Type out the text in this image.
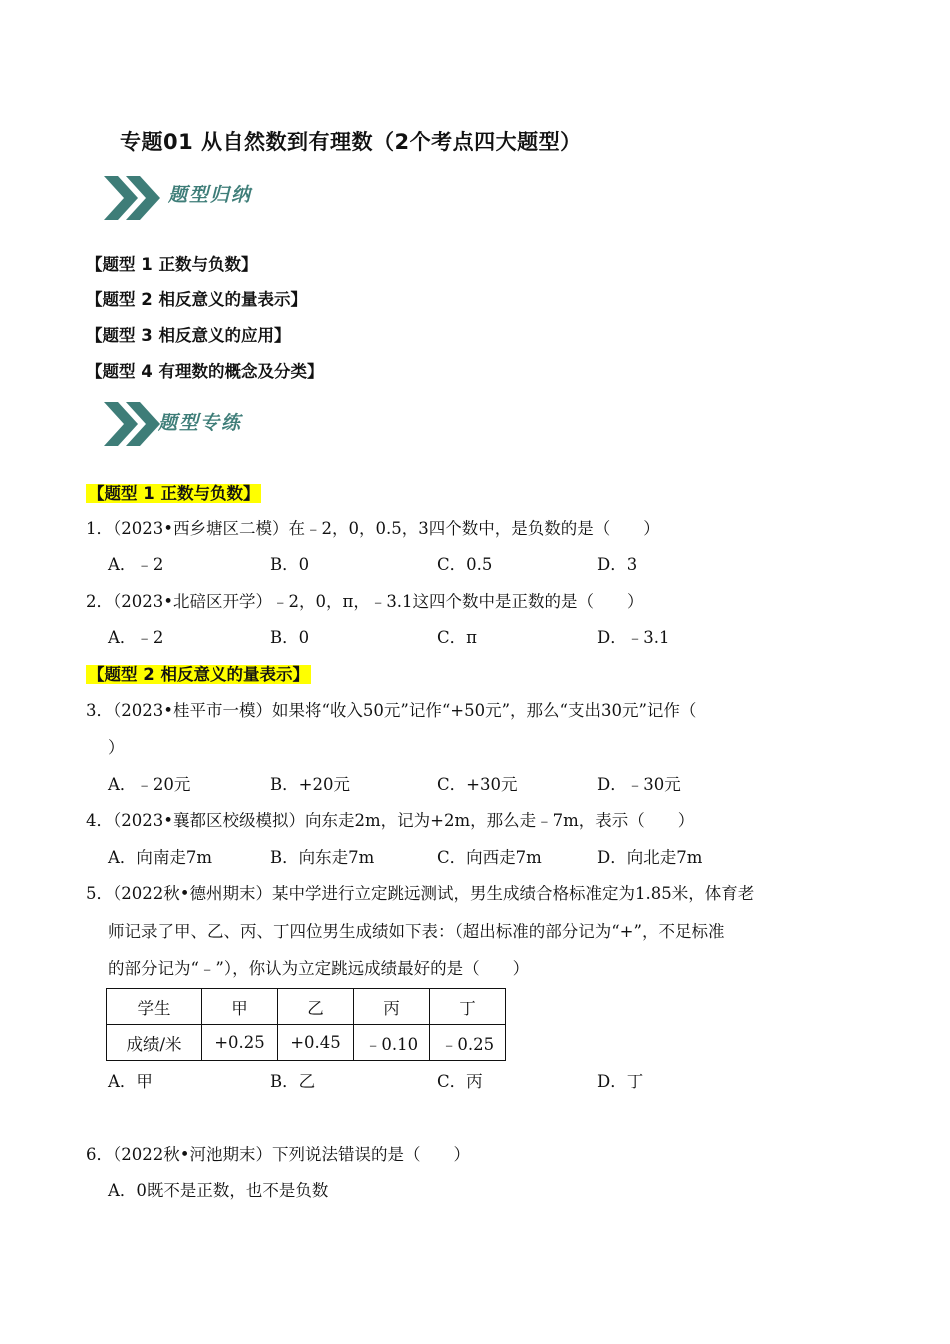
专题01 从自然数到有理数（2个考点四大题型）
题型归纳
【题型 1 正数与负数】
【题型 2 相反意义的量表示】
【题型 3 相反意义的应用】
【题型 4 有理数的概念及分类】
题型专练
【题型 1 正数与负数】
1．（2023•西乡塘区二模）在﹣2，0，0.5，3四个数中，是负数的是（　　）
A．﹣2	B．0	C．0.5	D．3
2．（2023•北碚区开学）﹣2，0，π，﹣3.1这四个数中是正数的是（　　）
A．﹣2	B．0	C．π	D．﹣3.1
【题型 2 相反意义的量表示】
3．（2023•桂平市一模）如果将“收入50元”记作“+50元”，那么“支出30元”记作（
）
A．﹣20元	B．+20元	C．+30元	D．﹣30元
4．（2023•襄都区校级模拟）向东走2m，记为+2m，那么走﹣7m，表示（　　）
A．向南走7m	B．向东走7m	C．向西走7m	D．向北走7m
5．（2022秋•德州期末）某中学进行立定跳远测试，男生成绩合格标准定为1.85米，体育老
师记录了甲、乙、丙、丁四位男生成绩如下表：（超出标准的部分记为“+”，不足标准
的部分记为“﹣”），你认为立定跳远成绩最好的是（　　）
学生	甲	乙	丙	丁
成绩/米	+0.25	+0.45	﹣0.10	﹣0.25
A．甲	B．乙	C．丙	D．丁
6．（2022秋•河池期末）下列说法错误的是（　　）
A．0既不是正数，也不是负数
